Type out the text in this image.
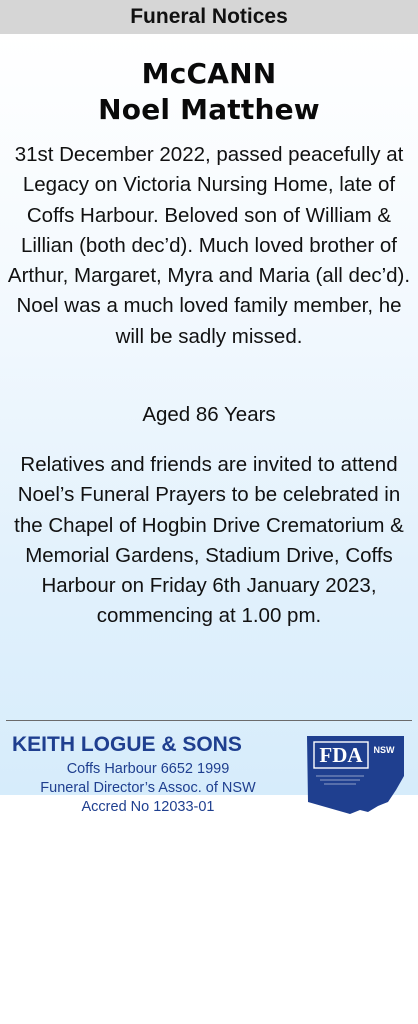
Funeral Notices
McCANN
Noel Matthew
31st December 2022, passed peacefully at Legacy on Victoria Nursing Home, late of Coffs Harbour. Beloved son of William & Lillian (both dec’d). Much loved brother of Arthur, Margaret, Myra and Maria (all dec’d). Noel was a much loved family member, he will be sadly missed.
Aged 86 Years
Relatives and friends are invited to attend Noel’s Funeral Prayers to be celebrated in the Chapel of Hogbin Drive Crematorium & Memorial Gardens, Stadium Drive, Coffs Harbour on Friday 6th January 2023, commencing at 1.00 pm.
KEITH LOGUE & SONS
Coffs Harbour 6652 1999
Funeral Director’s Assoc. of NSW
Accred No 12033-01
FDA NSW
